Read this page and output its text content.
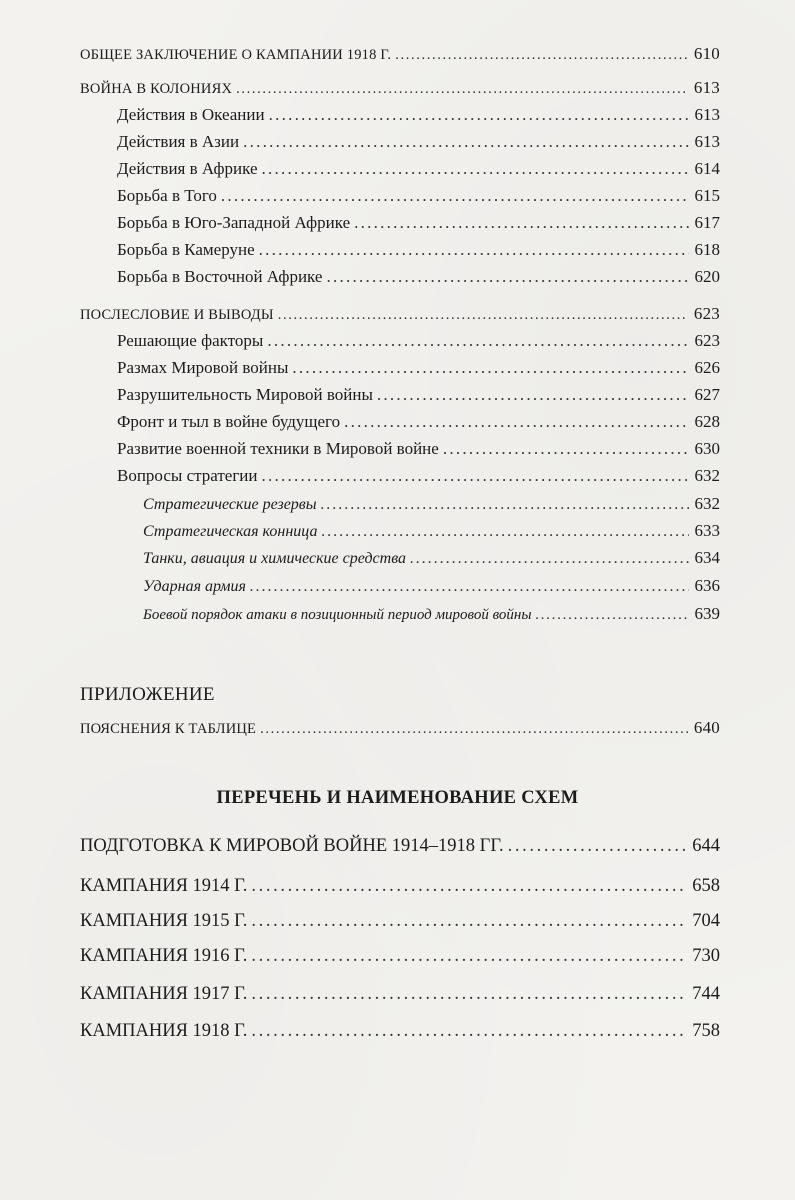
ОБЩЕЕ ЗАКЛЮЧЕНИЕ О КАМПАНИИ 1918 Г. . . .	610
ВОЙНА В КОЛОНИЯХ . . .	613
Действия в Океании . . .	613
Действия в Азии . . .	613
Действия в Африке . . .	614
Борьба в Того . . .	615
Борьба в Юго-Западной Африке . . .	617
Борьба в Камеруне . . .	618
Борьба в Восточной Африке . . .	620
ПОСЛЕСЛОВИЕ И ВЫВОДЫ . . .	623
Решающие факторы . . .	623
Размах Мировой войны . . .	626
Разрушительность Мировой войны . . .	627
Фронт и тыл в войне будущего . . .	628
Развитие военной техники в Мировой войне . . .	630
Вопросы стратегии . . .	632
Стратегические резервы . . .	632
Стратегическая конница . . .	633
Танки, авиация и химические средства . . .	634
Ударная армия . . .	636
Боевой порядок атаки в позиционный период мировой войны . . .	639
ПРИЛОЖЕНИЕ
ПОЯСНЕНИЯ К ТАБЛИЦЕ . . .	640
ПЕРЕЧЕНЬ И НАИМЕНОВАНИЕ СХЕМ
ПОДГОТОВКА К МИРОВОЙ ВОЙНЕ 1914–1918 ГГ. . . .	644
КАМПАНИЯ 1914 Г. . . .	658
КАМПАНИЯ 1915 Г. . . .	704
КАМПАНИЯ 1916 Г. . . .	730
КАМПАНИЯ 1917 Г. . . .	744
КАМПАНИЯ 1918 Г. . . .	758
